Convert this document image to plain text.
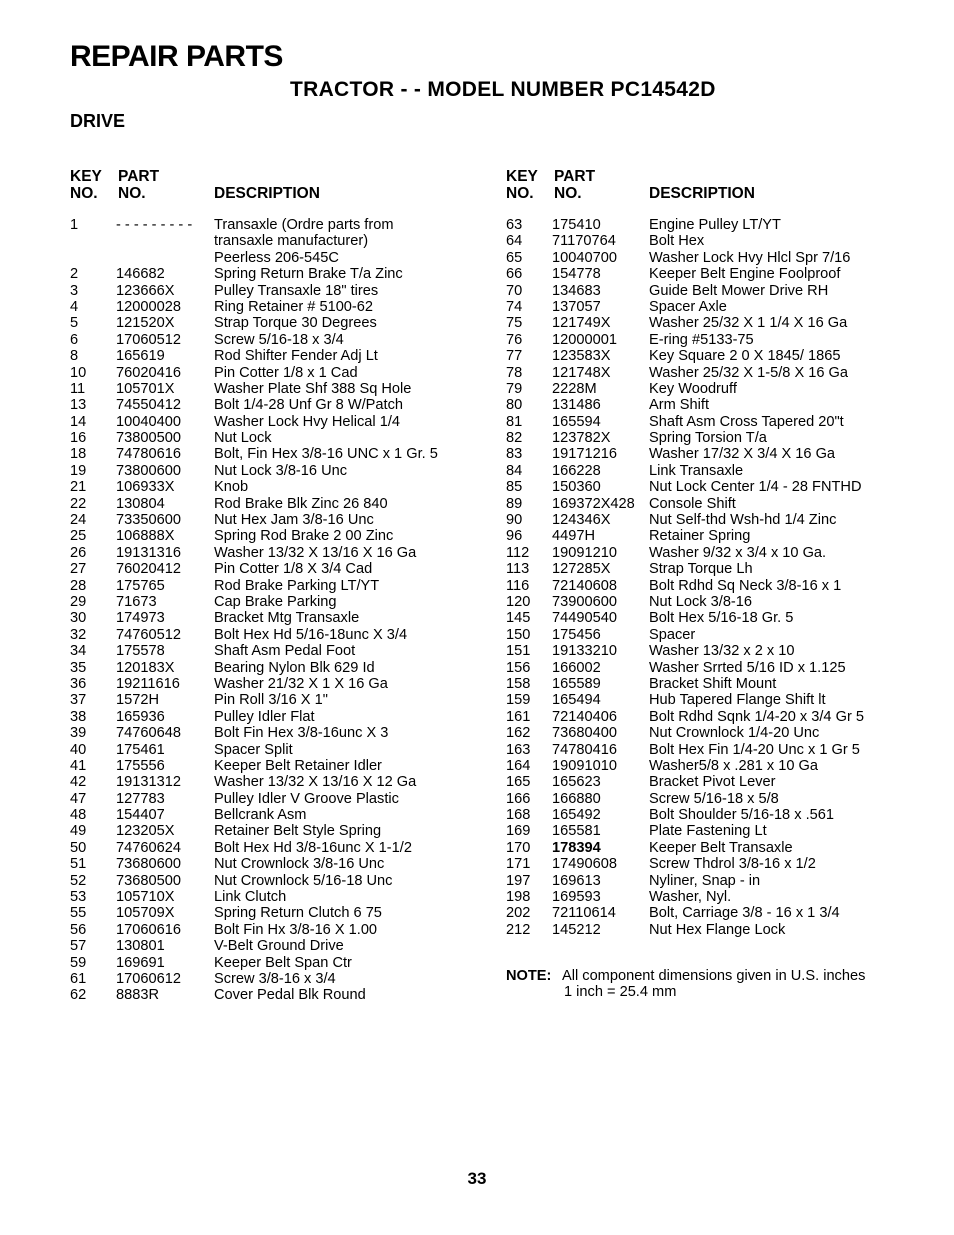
REPAIR PARTS
TRACTOR - - MODEL NUMBER PC14542D
DRIVE
KEY
NO.
PART
NO.	DESCRIPTION
KEY
NO.
PART
NO.	DESCRIPTION
1	- - - - - - - - - Transaxle (Ordre parts from
transaxle manufacturer)
Peerless 206-545C
2	146682	Spring Return Brake T/a Zinc
3	123666X	Pulley Transaxle 18" tires
4	12000028 Ring Retainer # 5100-62
5	121520X	Strap Torque 30 Degrees
6	17060512 Screw 5/16-18 x 3/4
8	165619	Rod Shifter Fender Adj Lt
10 76020416 Pin Cotter 1/8 x 1 Cad
11 105701X	Washer Plate Shf 388 Sq Hole
13 74550412 Bolt 1/4-28 Unf Gr 8 W/Patch
14 10040400 Washer Lock Hvy Helical 1/4
16 73800500 Nut Lock
18 74780616 Bolt, Fin Hex 3/8-16 UNC x 1 Gr. 5
19 73800600 Nut Lock 3/8-16 Unc
21 106933X	Knob
22 130804	Rod Brake Blk Zinc 26 840
24 73350600 Nut Hex Jam 3/8-16 Unc
25 106888X	Spring Rod Brake 2 00 Zinc
26 19131316 Washer 13/32 X 13/16 X 16 Ga
27 76020412 Pin Cotter 1/8 X 3/4 Cad
28 175765	Rod Brake Parking LT/YT
29 71673	Cap Brake Parking
30 174973	Bracket Mtg Transaxle
32 74760512 Bolt Hex Hd 5/16-18unc X 3/4
34 175578	Shaft Asm Pedal Foot
35 120183X	Bearing Nylon Blk 629 Id
36 19211616 Washer 21/32 X 1 X 16 Ga
37 1572H	Pin Roll 3/16 X 1"
38 165936	Pulley Idler Flat
39 74760648 Bolt Fin Hex 3/8-16unc X 3
40 175461	Spacer Split
41 175556	Keeper Belt Retainer Idler
42 19131312 Washer 13/32 X 13/16 X 12 Ga
47 127783	Pulley Idler V Groove Plastic
48 154407	Bellcrank Asm
49 123205X	Retainer Belt Style Spring
50 74760624 Bolt Hex Hd 3/8-16unc X 1-1/2
51 73680600 Nut Crownlock 3/8-16 Unc
52 73680500 Nut Crownlock 5/16-18 Unc
53 105710X	Link Clutch
55 105709X	Spring Return Clutch 6 75
56 17060616 Bolt Fin Hx 3/8-16 X 1.00
57 130801	V-Belt Ground Drive
59 169691	Keeper Belt Span Ctr
61 17060612 Screw 3/8-16 x 3/4
62 8883R	Cover Pedal Blk Round
63 175410	Engine Pulley LT/YT
64 71170764 Bolt Hex
65 10040700 Washer Lock Hvy Hlcl Spr 7/16
66 154778	Keeper Belt Engine Foolproof
70 134683	Guide Belt Mower Drive RH
74 137057	Spacer Axle
75 121749X	Washer 25/32 X 1 1/4 X 16 Ga
76 12000001 E-ring #5133-75
77 123583X	Key Square 2 0 X 1845/ 1865
78 121748X	Washer 25/32 X 1-5/8 X 16 Ga
79 2228M	Key Woodruff
80 131486	Arm Shift
81 165594	Shaft Asm Cross Tapered 20"t
82 123782X	Spring Torsion T/a
83 19171216 Washer 17/32 X 3/4 X 16 Ga
84 166228	Link Transaxle
85 150360	Nut Lock Center 1/4 - 28 FNTHD
89 169372X428 Console Shift
90 124346X	Nut Self-thd Wsh-hd 1/4 Zinc
96 4497H	Retainer Spring
112 19091210 Washer 9/32 x 3/4 x 10 Ga.
113 127285X	Strap Torque Lh
116 72140608 Bolt Rdhd Sq Neck 3/8-16 x 1
120 73900600 Nut Lock 3/8-16
145 74490540 Bolt Hex 5/16-18 Gr. 5
150 175456	Spacer
151 19133210 Washer 13/32 x 2 x 10
156 166002	Washer Srrted 5/16 ID x 1.125
158 165589	Bracket Shift Mount
159 165494	Hub Tapered Flange Shift lt
161 72140406 Bolt Rdhd Sqnk 1/4-20 x 3/4 Gr 5
162 73680400 Nut Crownlock 1/4-20 Unc
163 74780416 Bolt Hex Fin 1/4-20 Unc x 1 Gr 5
164 19091010 Washer5/8 x .281 x 10 Ga
165 165623	Bracket Pivot Lever
166 166880	Screw 5/16-18 x 5/8
168 165492	Bolt Shoulder 5/16-18 x .561
169 165581	Plate Fastening Lt
170 178394	Keeper Belt Transaxle
171 17490608 Screw Thdrol 3/8-16 x 1/2
197 169613	Nyliner, Snap - in
198 169593	Washer, Nyl.
202 72110614 Bolt, Carriage 3/8 - 16 x 1 3/4
212 145212	Nut Hex Flange Lock
NOTE: All component dimensions given in U.S. inches
1 inch = 25.4 mm
33
